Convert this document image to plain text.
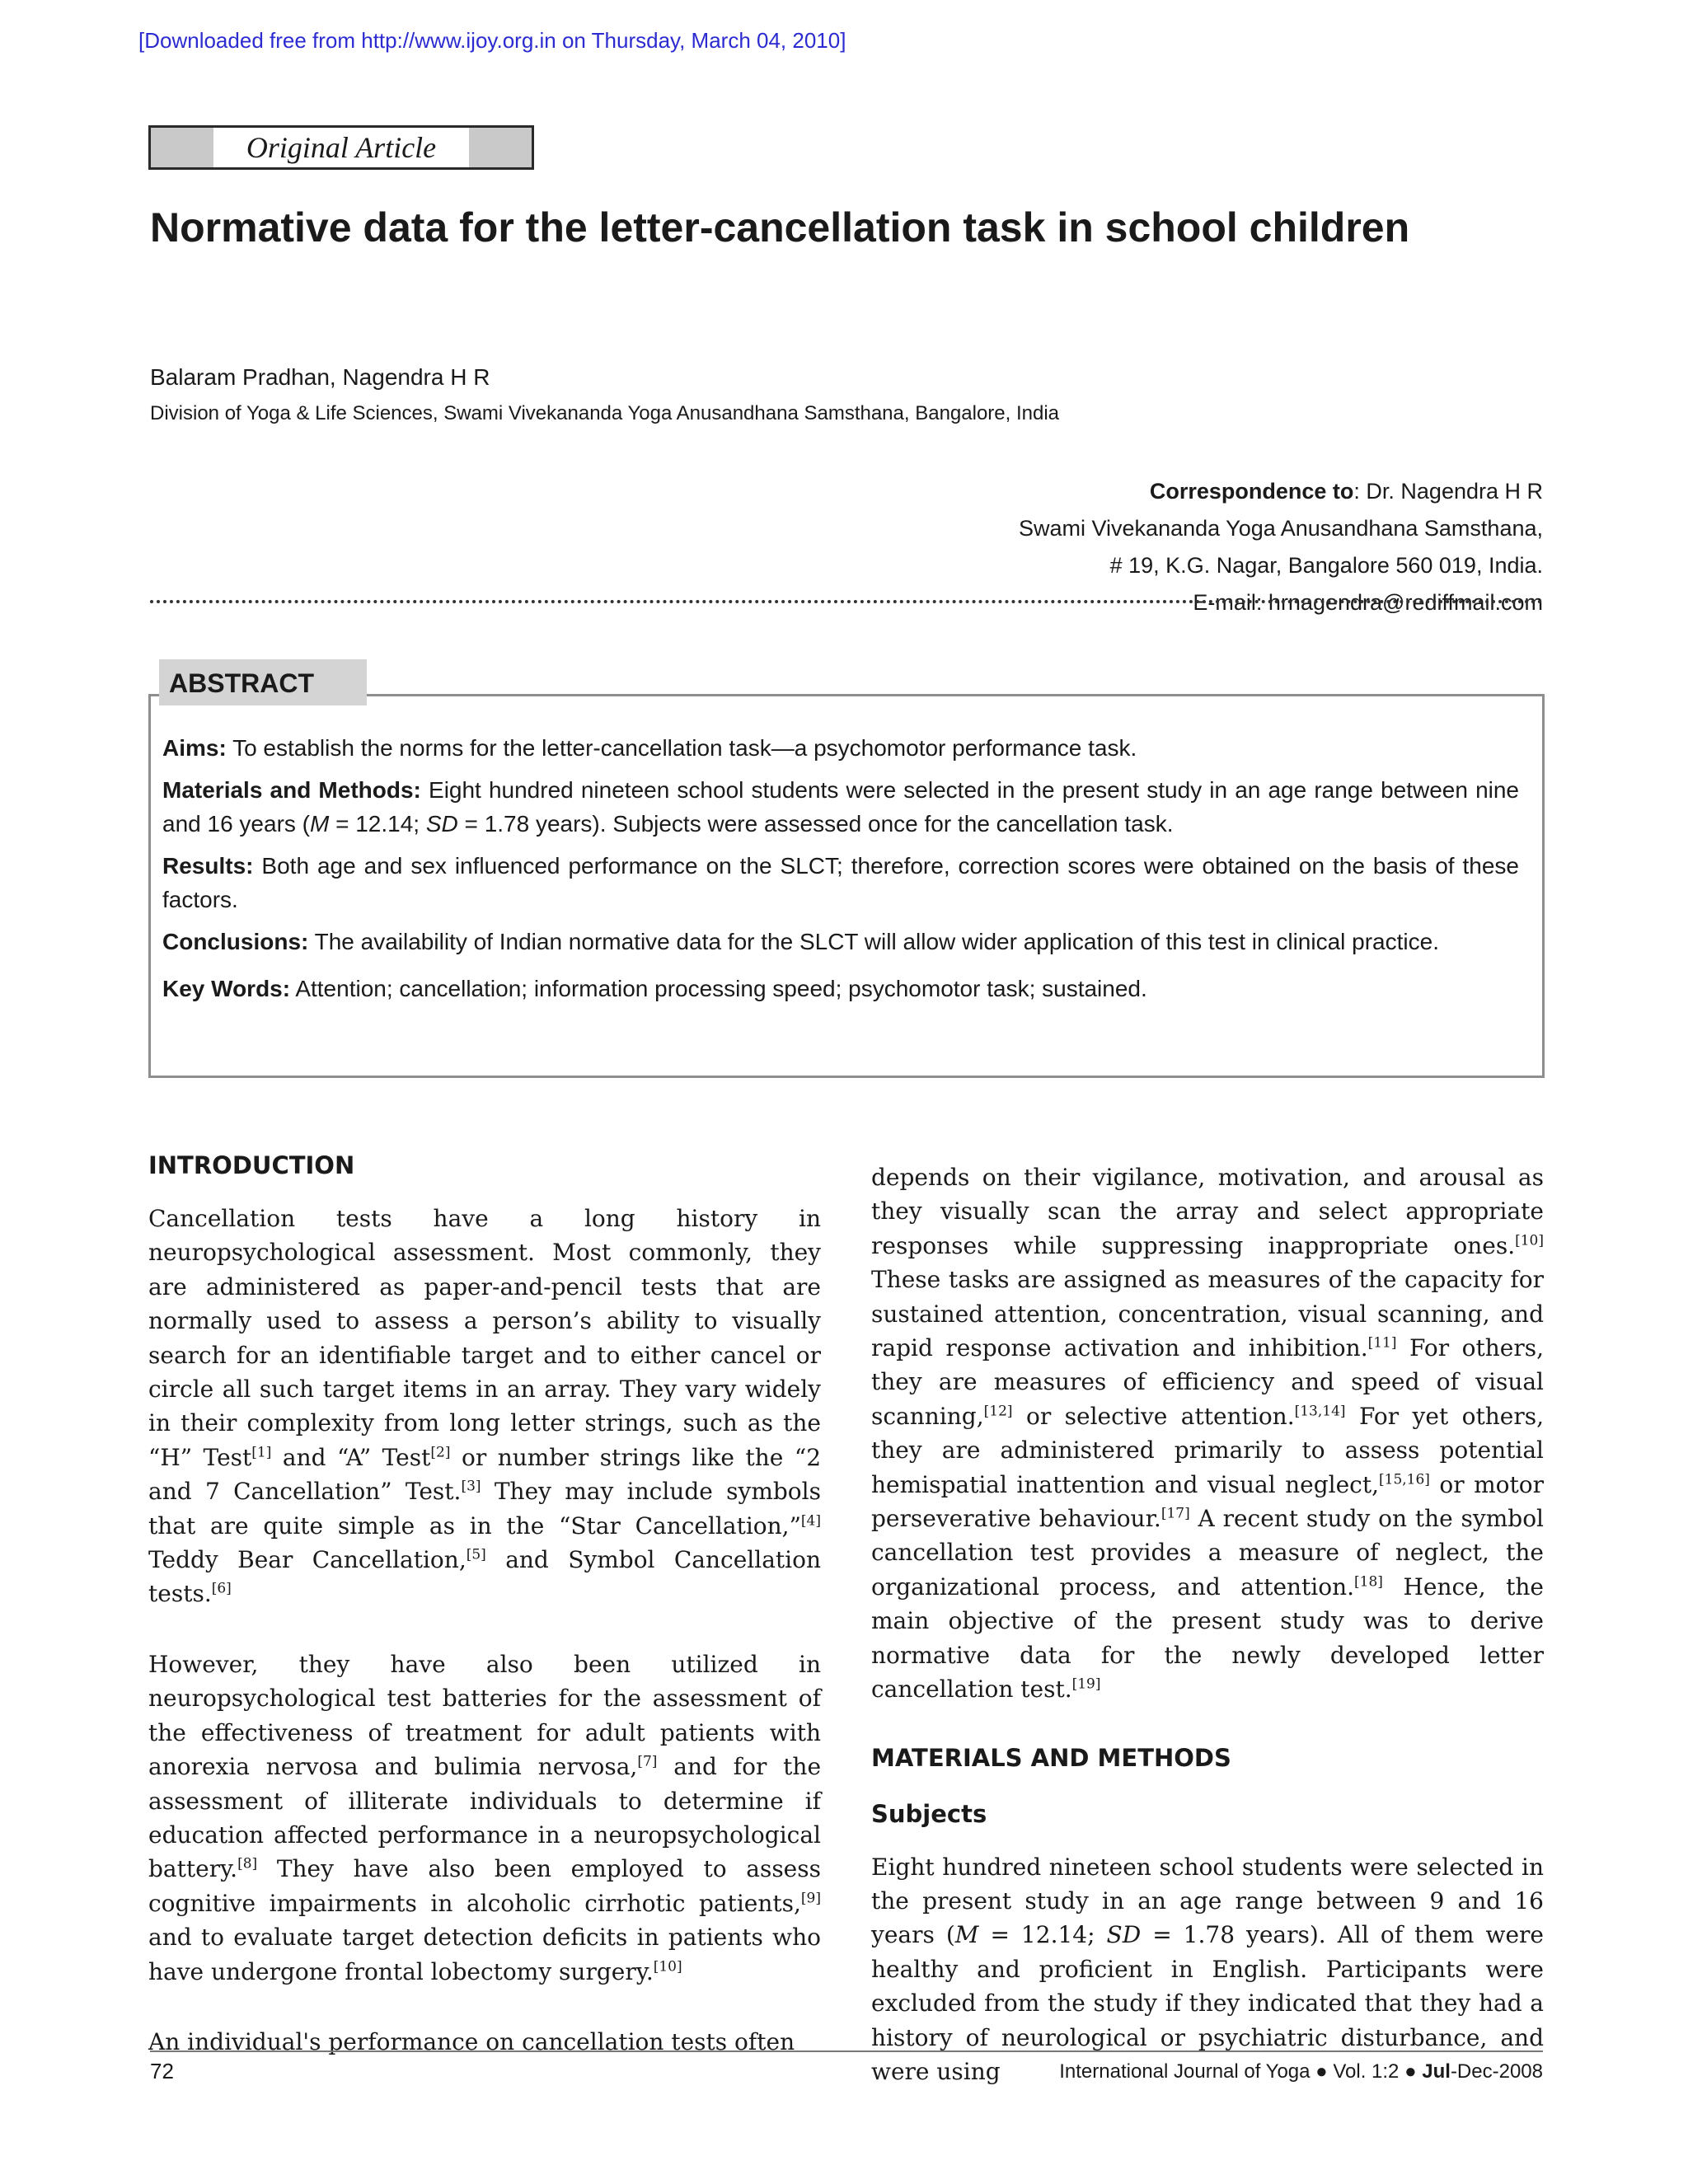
[Downloaded free from http://www.ijoy.org.in on Thursday, March 04, 2010]
Original Article
Normative data for the letter-cancellation task in school children
Balaram Pradhan, Nagendra H R
Division of Yoga & Life Sciences, Swami Vivekananda Yoga Anusandhana Samsthana, Bangalore, India
Correspondence to: Dr. Nagendra H R
Swami Vivekananda Yoga Anusandhana Samsthana,
# 19, K.G. Nagar, Bangalore 560 019, India.
E-mail: hrnagendra@rediffmail.com

Aims: To establish the norms for the letter-cancellation task—a psychomotor performance task.

Materials and Methods: Eight hundred nineteen school students were selected in the present study in an age range between nine and 16 years (M = 12.14; SD = 1.78 years). Subjects were assessed once for the cancellation task.

Results: Both age and sex influenced performance on the SLCT; therefore, correction scores were obtained on the basis of these factors.

Conclusions: The availability of Indian normative data for the SLCT will allow wider application of this test in clinical practice.

Key Words: Attention; cancellation; information processing speed; psychomotor task; sustained.

ABSTRACT
INTRODUCTION

Cancellation tests have a long history in neuropsychological assessment. Most commonly, they are administered as paper-and-pencil tests that are normally used to assess a person’s ability to visually search for an identifiable target and to either cancel or circle all such target items in an array. They vary widely in their complexity from long letter strings, such as the “H” Test[1] and “A” Test[2] or number strings like the “2 and 7 Cancellation” Test.[3] They may include symbols that are quite simple as in the “Star Cancellation,”[4] Teddy Bear Cancellation,[5] and Symbol Cancellation tests.[6]

However, they have also been utilized in neuropsychological test batteries for the assessment of the effectiveness of treatment for adult patients with anorexia nervosa and bulimia nervosa,[7] and for the assessment of illiterate individuals to determine if education affected performance in a neuropsychological battery.[8] They have also been employed to assess cognitive impairments in alcoholic cirrhotic patients,[9] and to evaluate target detection deficits in patients who have undergone frontal lobectomy surgery.[10]

An individual's performance on cancellation tests often

depends on their vigilance, motivation, and arousal as they visually scan the array and select appropriate responses while suppressing inappropriate ones.[10] These tasks are assigned as measures of the capacity for sustained attention, concentration, visual scanning, and rapid response activation and inhibition.[11] For others, they are measures of efficiency and speed of visual scanning,[12] or selective attention.[13,14] For yet others, they are administered primarily to assess potential hemispatial inattention and visual neglect,[15,16] or motor perseverative behaviour.[17] A recent study on the symbol cancellation test provides a measure of neglect, the organizational process, and attention.[18] Hence, the main objective of the present study was to derive normative data for the newly developed letter cancellation test.[19]

MATERIALS AND METHODS
Subjects

Eight hundred nineteen school students were selected in the present study in an age range between 9 and 16 years (M = 12.14; SD = 1.78 years). All of them were healthy and proficient in English. Participants were excluded from the study if they indicated that they had a history of neurological or psychiatric disturbance, and were using

72	International Journal of Yoga ● Vol. 1:2 ● Jul-Dec-2008
